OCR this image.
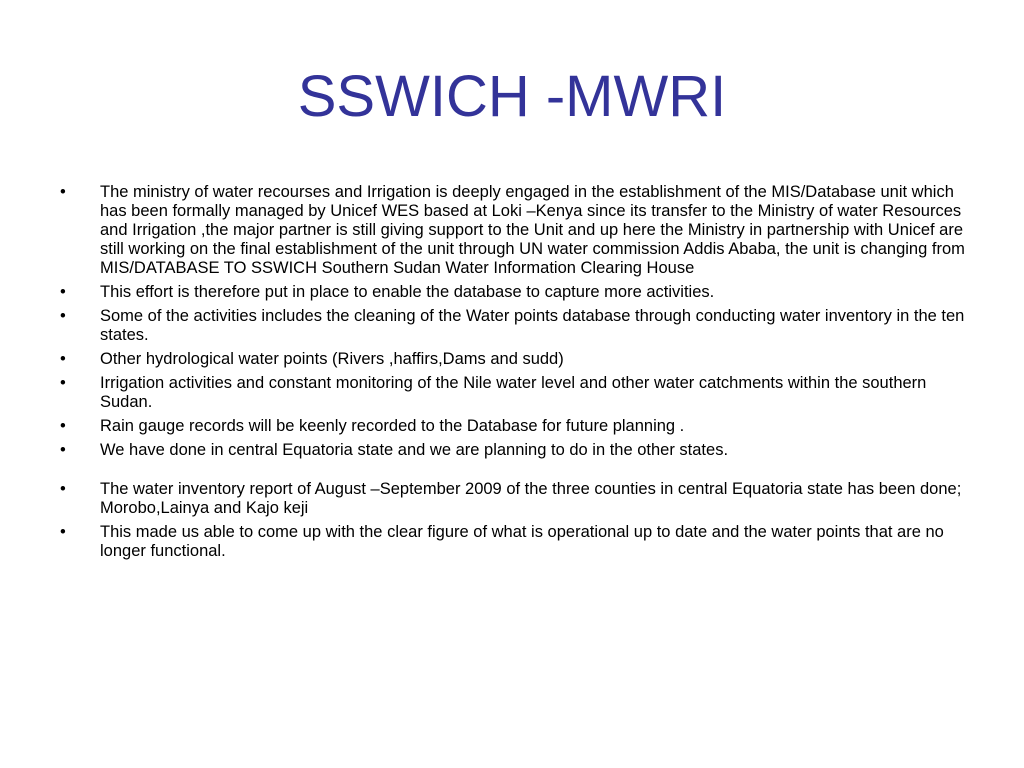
SSWICH -MWRI
•	The ministry of water recourses and Irrigation is deeply engaged in the establishment of the MIS/Database unit which has been formally managed by Unicef WES based at Loki –Kenya since its transfer to the Ministry of water Resources and Irrigation ,the major partner is still giving support to the Unit and up here the Ministry in partnership with Unicef are still working on the final establishment of the unit through UN water commission Addis Ababa, the unit is changing from MIS/DATABASE TO SSWICH Southern Sudan Water Information Clearing House
•	This effort is therefore put in place to enable the database to capture more activities.
•	Some of the activities includes the cleaning of the Water points database through conducting water inventory in the ten states.
•	Other hydrological water points (Rivers ,haffirs,Dams and sudd)
•	Irrigation activities and constant monitoring of the Nile water level and other water catchments within the southern Sudan.
•	Rain gauge records will be keenly recorded to the Database for future planning .
•	We have done in central Equatoria state and we are planning to do in the other states.
•	The water inventory report of August –September 2009 of the three counties in central Equatoria state has been done; Morobo,Lainya and Kajo keji
•	This made us able to come up with the clear figure of what is operational up to date and the water points that are no longer functional.
